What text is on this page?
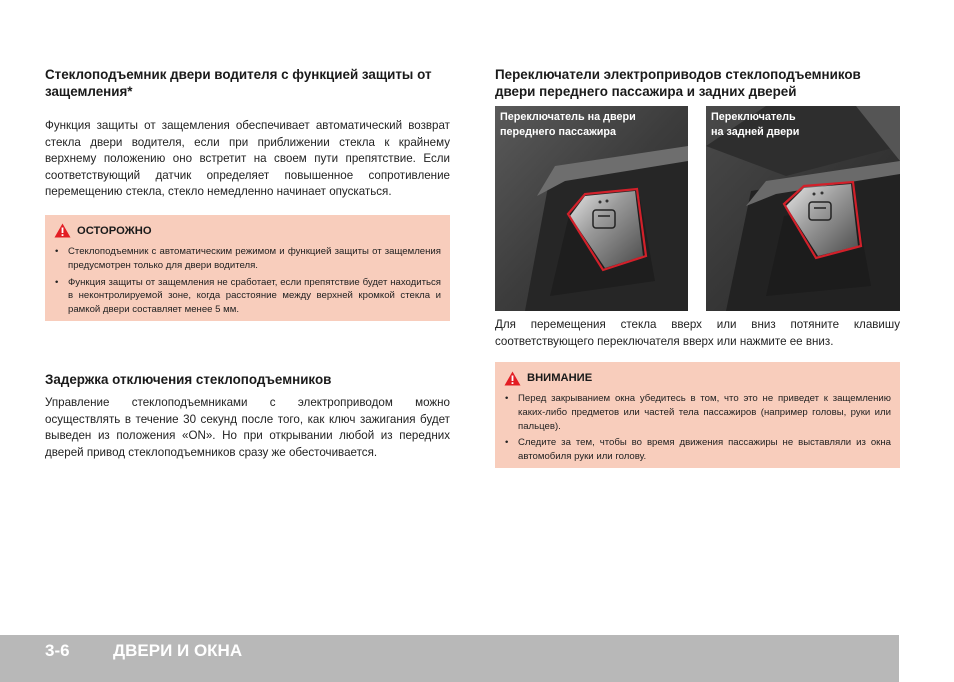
Стеклоподъемник двери водителя с функцией защиты от защемления*

Функция защиты от защемления обеспечивает автоматический возврат стекла двери водителя, если при приближении стекла к крайнему верхнему положению оно встретит на своем пути препятствие. Если соответствующий датчик определяет повышенное сопротивление перемещению стекла, стекло немедленно начинает опускаться.

ОСТОРОЖНО
• Стеклоподъемник с автоматическим режимом и функцией защиты от защемления предусмотрен только для двери водителя.
• Функция защиты от защемления не сработает, если препятствие будет находиться в неконтролируемой зоне, когда расстояние между верхней кромкой стекла и рамкой двери составляет менее 5 мм.
Задержка отключения стеклоподъемников

Управление стеклоподъемниками с электроприводом можно осуществлять в течение 30 секунд после того, как ключ зажигания будет выведен из положения «ON». Но при открывании любой из передних дверей привод стеклоподъемников сразу же обесточивается.

Переключатели электроприводов стеклоподъемников двери переднего пассажира и задних дверей
Переключатель на двери
переднего пассажира
Переключатель
на задней двери

Для перемещения стекла вверх или вниз потяните клавишу соответствующего переключателя вверх или нажмите ее вниз.

ВНИМАНИЕ
• Перед закрыванием окна убедитесь в том, что это не приведет к защемлению каких-либо предметов или частей тела пассажиров (например головы, руки или пальцев).
• Следите за тем, чтобы во время движения пассажиры не выставляли из окна автомобиля руки или голову.
3-6	ДВЕРИ И ОКНА
